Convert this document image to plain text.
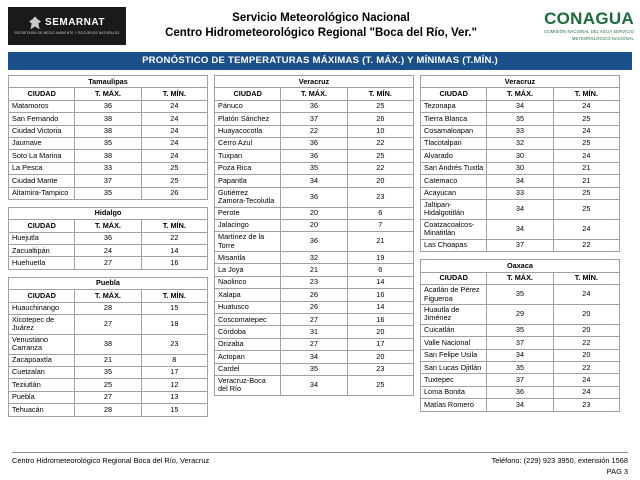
SEMARNAT
SECRETARÍA DE MEDIO AMBIENTE Y RECURSOS NATURALES
Servicio Meteorológico Nacional
Centro Hidrometeorológico Regional "Boca del Río, Ver."
CONAGUA
COMISIÓN NACIONAL DEL AGUA SERVICIO METEOROLÓGICO NACIONAL
PRONÓSTICO DE TEMPERATURAS MÁXIMAS (T. MÁX.) Y MÍNIMAS (T.MÍN.)
Tamaulipas		
CIUDAD	T. MÁX.	T. MÍN.
Matamoros	36	24
San Fernando	38	24
Ciudad Victoria	38	24
Jaumave	35	24
Soto La Marina	38	24
La Pesca	33	25
Ciudad Mante	37	25
Altamira-Tampico	35	26
Hidalgo		
CIUDAD	T. MÁX.	T. MÍN.
Huejutla	36	22
Zacualtipán	24	14
Huehuetla	27	16
Puebla		
CIUDAD	T. MÁX.	T. MÍN.
Huauchinango	28	15
Xicotepec de Juárez	27	18
Venustiano Carranza	38	23
Zacapoaxtla	21	8
Cuetzalan	35	17
Teziutlán	25	12
Puebla	27	13
Tehuacán	28	15
Veracruz		
CIUDAD	T. MÁX.	T. MÍN.
Pánuco	36	25
Platón Sánchez	37	26
Huayacocotla	22	10
Cerro Azul	36	22
Tuxpan	36	25
Poza Rica	35	22
Papantla	34	20
Gutiérrez Zamora-Tecolutla	36	23
Perote	20	6
Jalacingo	20	7
Martínez de la Torre	36	21
Misantla	32	19
La Joya	21	6
Naolinco	23	14
Xalapa	26	16
Huatusco	26	14
Coscomatepec	27	16
Córdoba	31	20
Orizaba	27	17
Actopan	34	20
Cardel	35	23
Veracruz-Boca del Río	34	25
Veracruz		
CIUDAD	T. MÁX.	T. MÍN.
Tezonapa	34	24
Tierra Blanca	35	25
Cosamaloapan	33	24
Tlacotalpan	32	25
Alvarado	30	24
San Andrés Tuxtla	30	21
Catemaco	34	21
Acayucan	33	25
Jaltipan- Hidalgotitlán	34	25
Coatzacoalcos-Minatitlán	34	24
Las Choapas	37	22
Oaxaca		
CIUDAD	T. MÁX.	T. MÍN.
Acatlán de Pérez Figueroa	35	24
Huautla de Jiménez	29	20
Cuicatlán	35	20
Valle Nacional	37	22
San Felipe Usila	34	20
San Lucas Ojitlán	35	22
Tuxtepec	37	24
Loma Bonita	36	24
Matías Romero	34	23
Centro Hidrometeorológico Regional Boca del Río, Veracruz	Teléfono: (229) 923 3950, extensión 1568
PAG 3
